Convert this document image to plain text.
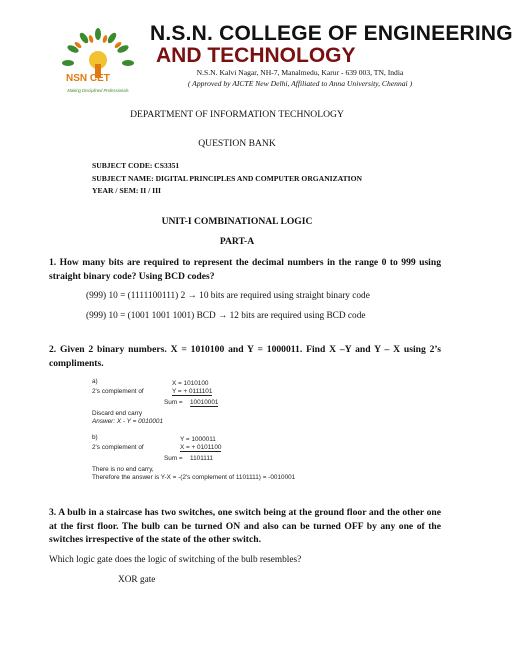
NSN CET
Making Disciplined Professionals
N.S.N. COLLEGE OF ENGINEERING
AND TECHNOLOGY
N.S.N. Kalvi Nagar, NH-7, Manalmedu, Karur - 639 003, TN, India
( Approved by AICTE New Delhi, Affiliated to Anna University, Chennai )
DEPARTMENT OF INFORMATION TECHNOLOGY
QUESTION BANK
SUBJECT CODE: CS3351
SUBJECT NAME: DIGITAL PRINCIPLES AND COMPUTER ORGANIZATION
YEAR / SEM: II / III
UNIT-I COMBINATIONAL LOGIC
PART-A
1. How many bits are required to represent the decimal numbers in the range 0 to 999 using straight binary code? Using BCD codes?
(999) 10 = (1111100111) 2 → 10 bits are required using straight binary code
(999) 10 = (1001 1001 1001) BCD → 12 bits are required using BCD code
2. Given 2 binary numbers. X = 1010100 and Y = 1000011. Find X –Y and Y – X using 2’s compliments.
a)	X = 1010100
2's complement of	Y = + 0111101
Sum = 10010001
Discard end carry
Answer: X - Y = 0010001
b)	Y = 1000011
2's complement of	X = + 0101100
Sum = 1101111
There is no end carry,
Therefore the answer is Y-X = -(2's complement of 1101111) = -0010001
3. A bulb in a staircase has two switches, one switch being at the ground floor and the other one at the first floor. The bulb can be turned ON and also can be turned OFF by any one of the switches irrespective of the state of the other switch.
Which logic gate does the logic of switching of the bulb resembles?
XOR gate
